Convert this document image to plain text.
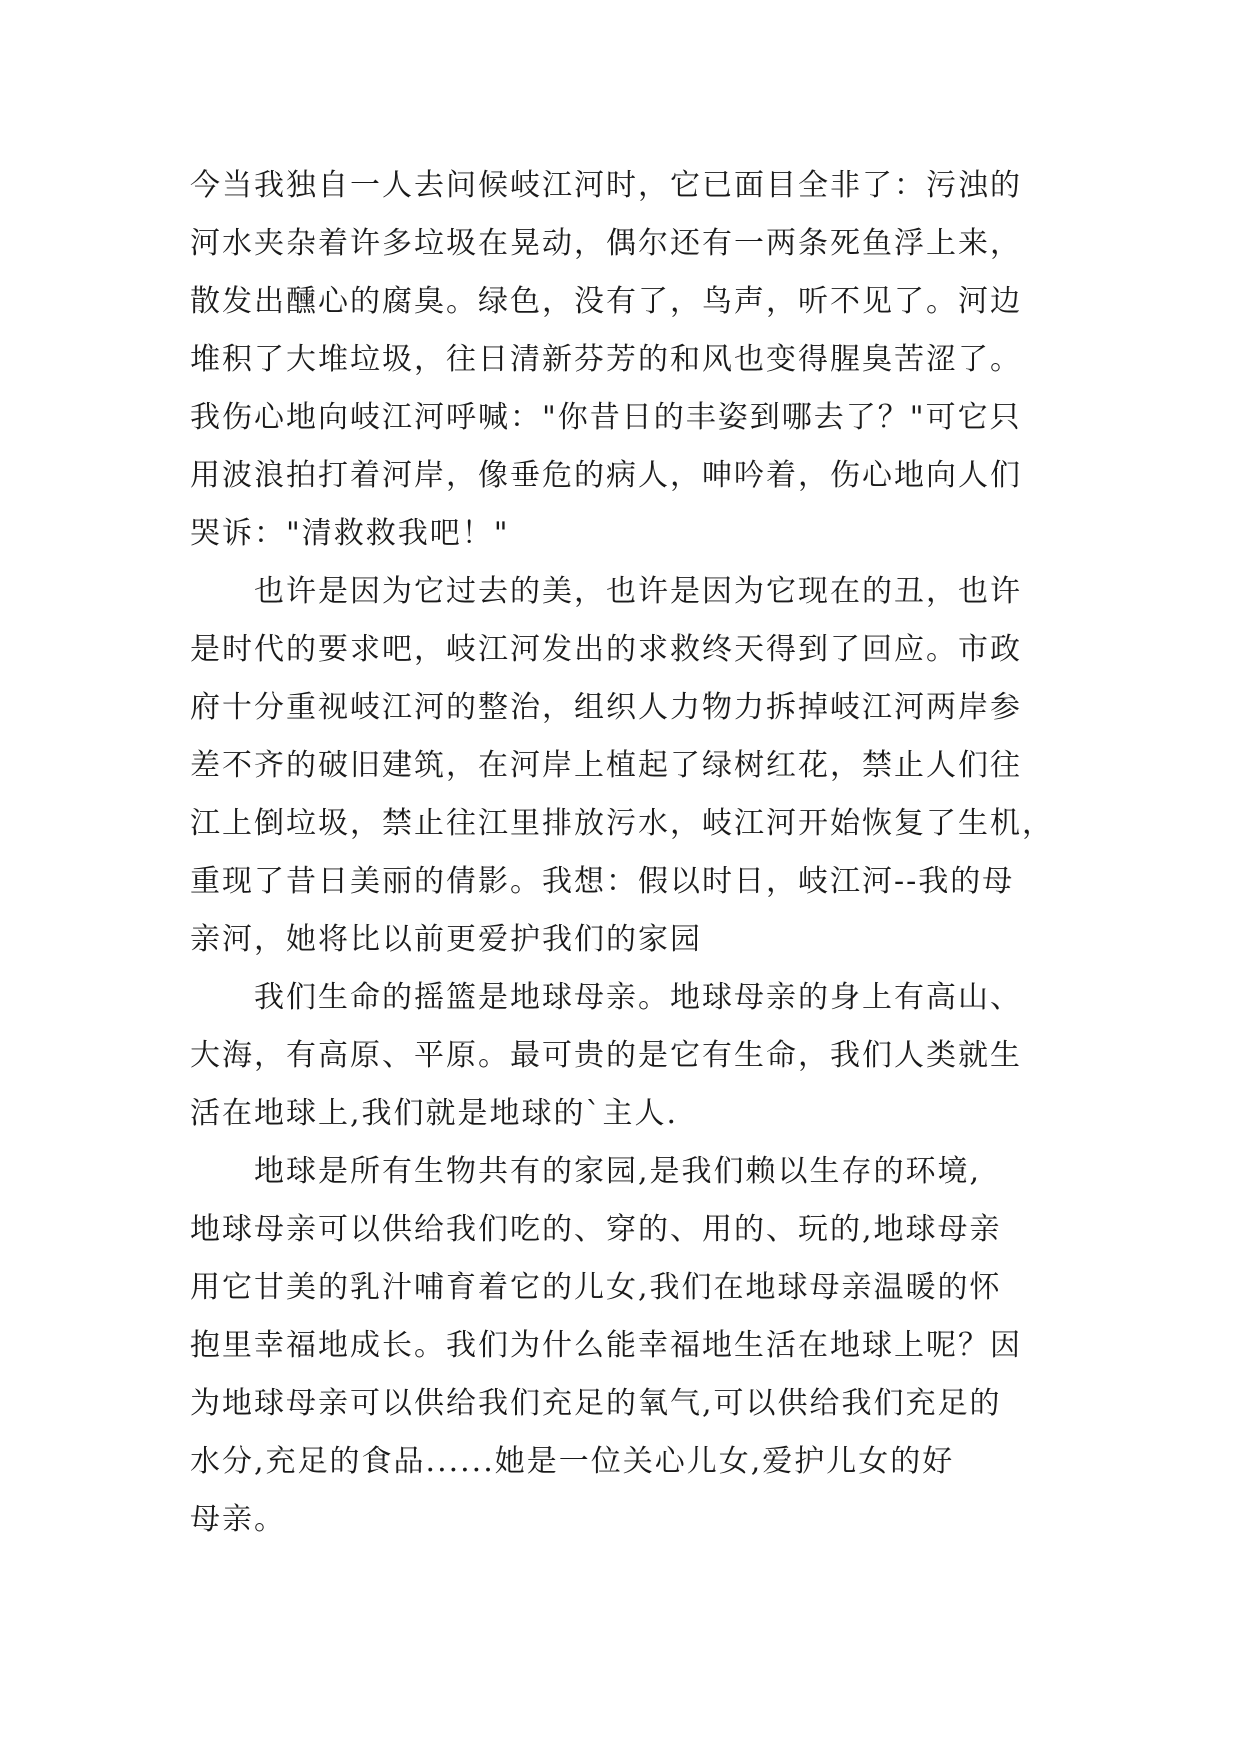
今当我独自一人去问候岐江河时，它已面目全非了：污浊的
河水夹杂着许多垃圾在晃动，偶尔还有一两条死鱼浮上来，
散发出醺心的腐臭。绿色，没有了，鸟声，听不见了。河边
堆积了大堆垃圾，往日清新芬芳的和风也变得腥臭苦涩了。
我伤心地向岐江河呼喊："你昔日的丰姿到哪去了？"可它只
用波浪拍打着河岸，像垂危的病人，呻吟着，伤心地向人们
哭诉："清救救我吧！"
也许是因为它过去的美，也许是因为它现在的丑，也许
是时代的要求吧，岐江河发出的求救终天得到了回应。市政
府十分重视岐江河的整治，组织人力物力拆掉岐江河两岸参
差不齐的破旧建筑，在河岸上植起了绿树红花，禁止人们往
江上倒垃圾，禁止往江里排放污水，岐江河开始恢复了生机，
重现了昔日美丽的倩影。我想：假以时日，岐江河--我的母
亲河，她将比以前更爱护我们的家园
我们生命的摇篮是地球母亲。地球母亲的身上有高山、
大海，有高原、平原。最可贵的是它有生命，我们人类就生
活在地球上,我们就是地球的`主人.
地球是所有生物共有的家园,是我们赖以生存的环境,
地球母亲可以供给我们吃的、穿的、用的、玩的,地球母亲
用它甘美的乳汁哺育着它的儿女,我们在地球母亲温暖的怀
抱里幸福地成长。我们为什么能幸福地生活在地球上呢？因
为地球母亲可以供给我们充足的氧气,可以供给我们充足的
水分,充足的食品......她是一位关心儿女,爱护儿女的好
母亲。
